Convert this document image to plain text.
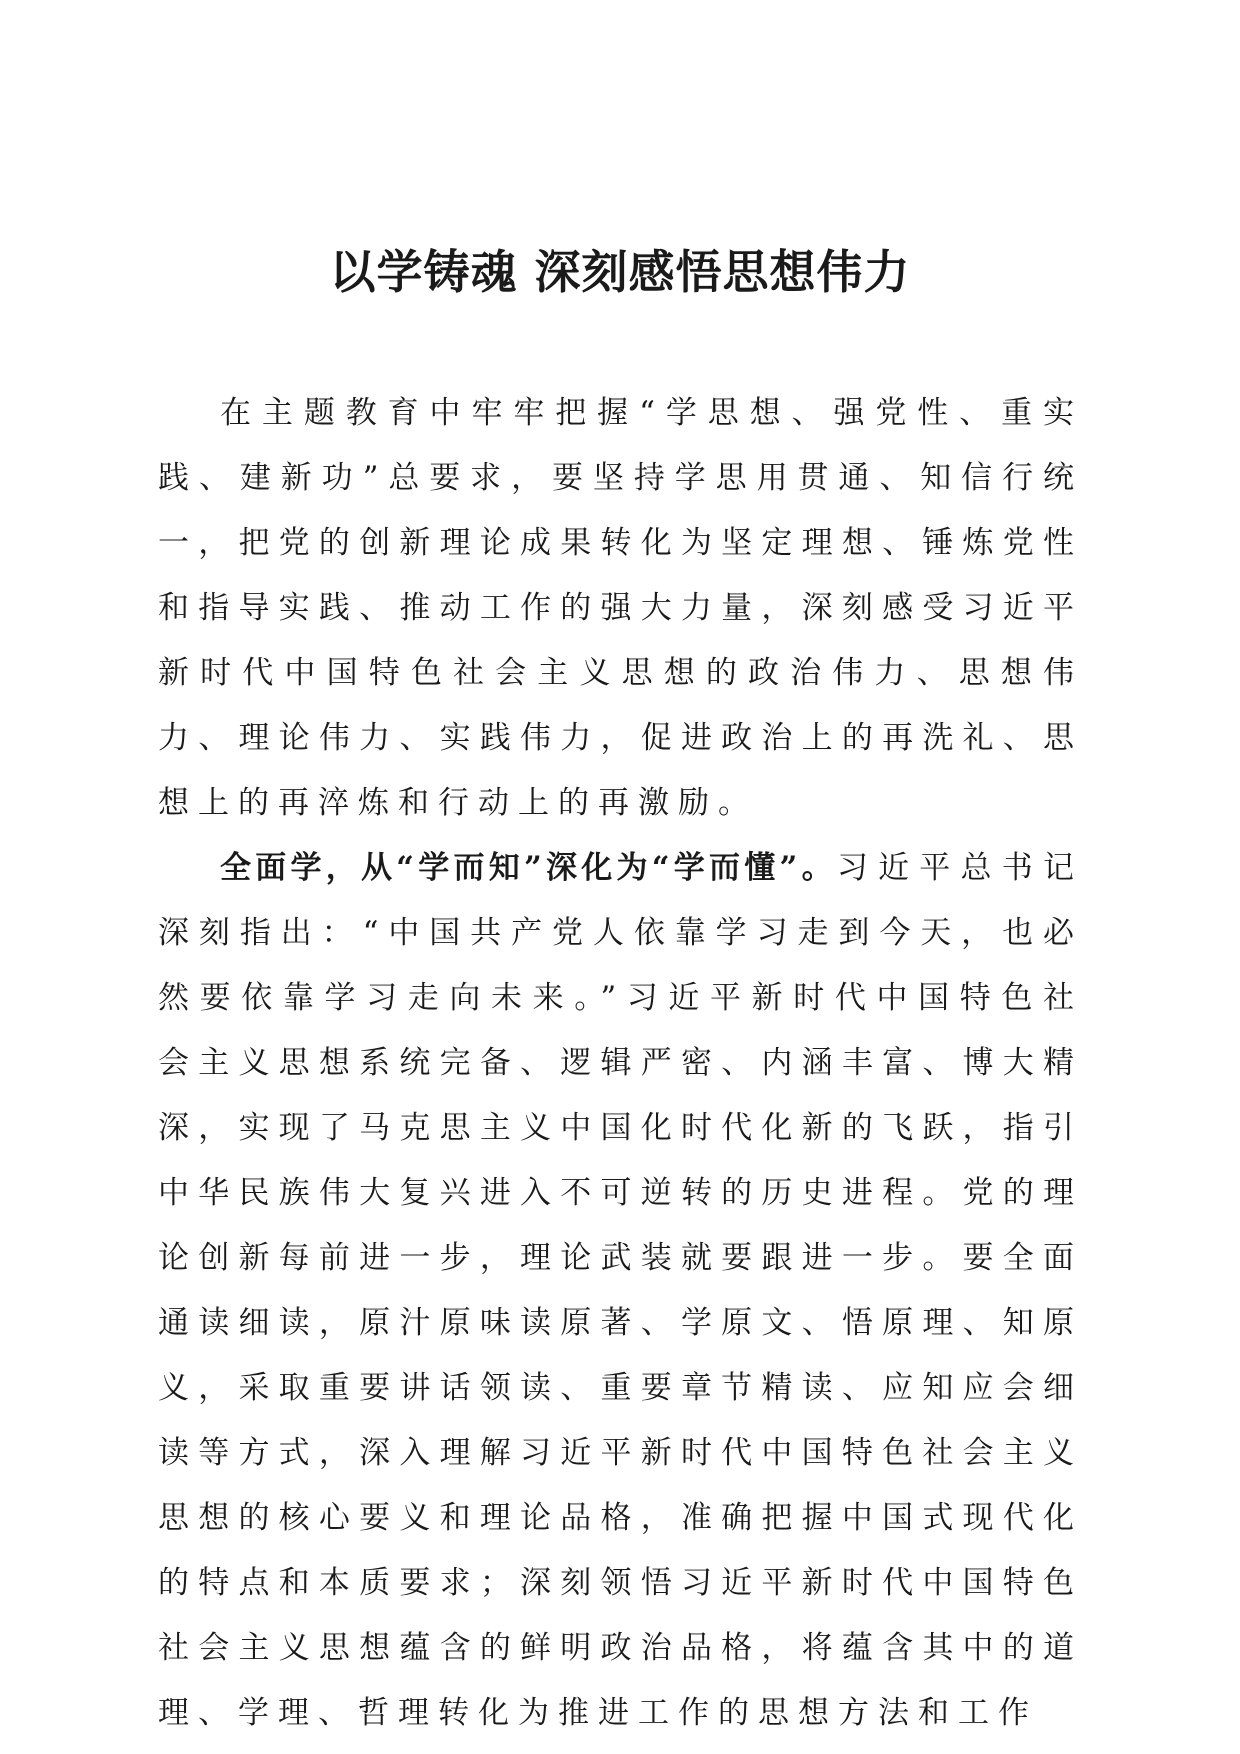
以学铸魂 深刻感悟思想伟力

在主题教育中牢牢把握“学思想、强党性、重实践、建新功”总要求，要坚持学思用贯通、知信行统一，把党的创新理论成果转化为坚定理想、锤炼党性和指导实践、推动工作的强大力量，深刻感受习近平新时代中国特色社会主义思想的政治伟力、思想伟力、理论伟力、实践伟力，促进政治上的再洗礼、思想上的再淬炼和行动上的再激励。

全面学，从“学而知”深化为“学而懂”。习近平总书记深刻指出：“中国共产党人依靠学习走到今天，也必然要依靠学习走向未来。”习近平新时代中国特色社会主义思想系统完备、逻辑严密、内涵丰富、博大精深，实现了马克思主义中国化时代化新的飞跃，指引中华民族伟大复兴进入不可逆转的历史进程。党的理论创新每前进一步，理论武装就要跟进一步。要全面通读细读，原汁原味读原著、学原文、悟原理、知原义，采取重要讲话领读、重要章节精读、应知应会细读等方式，深入理解习近平新时代中国特色社会主义思想的核心要义和理论品格，准确把握中国式现代化的特点和本质要求；深刻领悟习近平新时代中国特色社会主义思想蕴含的鲜明政治品格，将蕴含其中的道理、学理、哲理转化为推进工作的思想方法和工作
